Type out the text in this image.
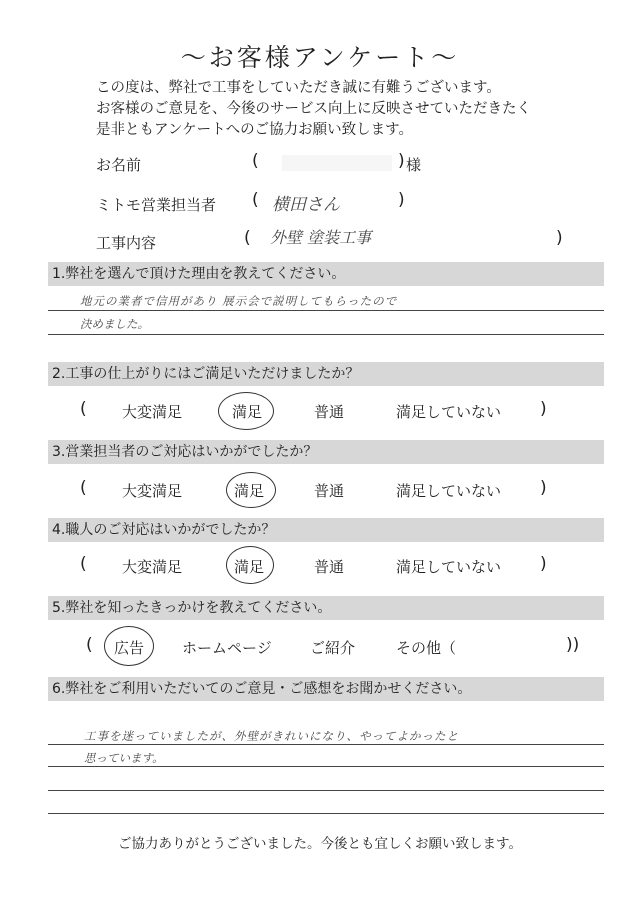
～お客様アンケート～
この度は、弊社で工事をしていただき誠に有難うございます。
お客様のご意見を、今後のサービス向上に反映させていただきたく
是非ともアンケートへのご協力お願い致します。
お名前	(	) 様
ミトモ営業担当者 ( 横田さん	)
工事内容	( 外壁 塗装工事	)
1.弊社を選んで頂けた理由を教えてください。
地元の業者で信用があり 展示会で説明してもらったので
決めました。
2.工事の仕上がりにはご満足いただけましたか？
( 大変満足	満足	普通	満足していない )
3.営業担当者のご対応はいかがでしたか？
( 大変満足	満足	普通	満足していない )
4.職人のご対応はいかがでしたか？
( 大変満足	満足	普通	満足していない )
5.弊社を知ったきっかけを教えてください。
( 広告	ホームページ	ご紹介	その他（	))
6.弊社をご利用いただいてのご意見・ご感想をお聞かせください。
工事を迷っていましたが、外壁がきれいになり、やってよかったと
思っています。
ご協力ありがとうございました。今後とも宜しくお願い致します。
